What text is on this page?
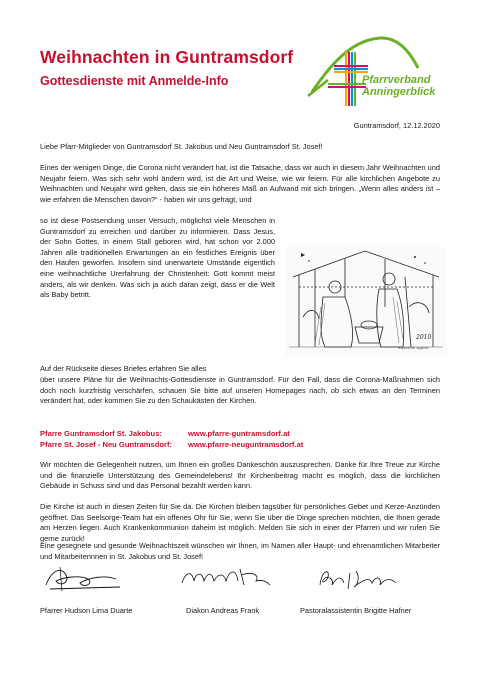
Weihnachten in Guntramsdorf
Gottesdienste mit Anmelde-Info	Pfarrverband
Anningerblick
Guntramsdorf, 12.12.2020

Liebe Pfarr-Mitglieder von Guntramsdorf St. Jakobus und Neu Guntramsdorf St. Josef!

Eines der wenigen Dinge, die Corona nicht verändert hat, ist die Tatsache, dass wir auch in diesem Jahr Weihnachten und Neujahr feiern. Was sich sehr wohl ändern wird, ist die Art und Weise, wie wir feiern. Für alle kirchlichen Angebote zu Weihnachten und Neujahr wird gelten, dass sie ein höheres Maß an Aufwand mit sich bringen. „Wenn alles anders ist – wie erfahren die Menschen davon?“ - haben wir uns gefragt, und

so ist diese Postsendung unser Versuch, möglichst viele Menschen in Guntramsdorf zu erreichen und darüber zu informieren. Dass Jesus, der Sohn Gottes, in einem Stall geboren wird, hat schon vor 2.000 Jahren alle traditionellen Erwartungen an ein festliches Ereignis über den Haufen geworfen. Insofern sind unerwartete Umstände eigentlich eine weihnachtliche Urerfahrung der Christenheit: Gott kommt meist anders, als wir denken. Was sich ja auch daran zeigt, dass er die Welt als Baby betritt.

2010
Susanne Agner

Auf der Rückseite dieses Briefes erfahren Sie alles

über unsere Pläne für die Weihnachts-Gottesdienste in Guntramsdorf. Für den Fall, dass die Corona-Maßnahmen sich doch noch kurzfristig verschärfen, schauen Sie bitte auf unseren Homepages nach, ob sich etwas an den Terminen verändert hat, oder kommen Sie zu den Schaukästen der Kirchen.

Pfarre Guntramsdorf St. Jakobus:	www.pfarre-guntramsdorf.at
Pfarre St. Josef - Neu Guntramsdorf:	www.pfarre-neuguntramsdorf.at

Wir möchten die Gelegenheit nutzen, um Ihnen ein großes Dankeschön auszusprechen. Danke für Ihre Treue zur Kirche und die finanzielle Unterstützung des Gemeindelebens! Ihr Kirchenbeitrag macht es möglich, dass die kirchlichen Gebäude in Schuss sind und das Personal bezahlt werden kann.

Die Kirche ist auch in diesen Zeiten für Sie da. Die Kirchen bleiben tagsüber für persönliches Gebet und Kerze-Anzünden geöffnet. Das Seelsorge-Team hat ein offenes Ohr für Sie, wenn Sie über die Dinge sprechen möchten, die Ihnen gerade am Herzen liegen. Auch Krankenkommunion daheim ist möglich. Melden Sie sich in einer der Pfarren und wir rufen Sie gerne zurück!

Eine gesegnete und gesunde Weihnachtszeit wünschen wir Ihnen, im Namen aller Haupt- und ehrenamtlichen Mitarbeiter und Mitarbeiterinnen in St. Jakobus und St. Josef!

Pfarrer Hudson Lima Duarte	Diakon Andreas Frank	Pastoralassistentin Brigitte Hafner
